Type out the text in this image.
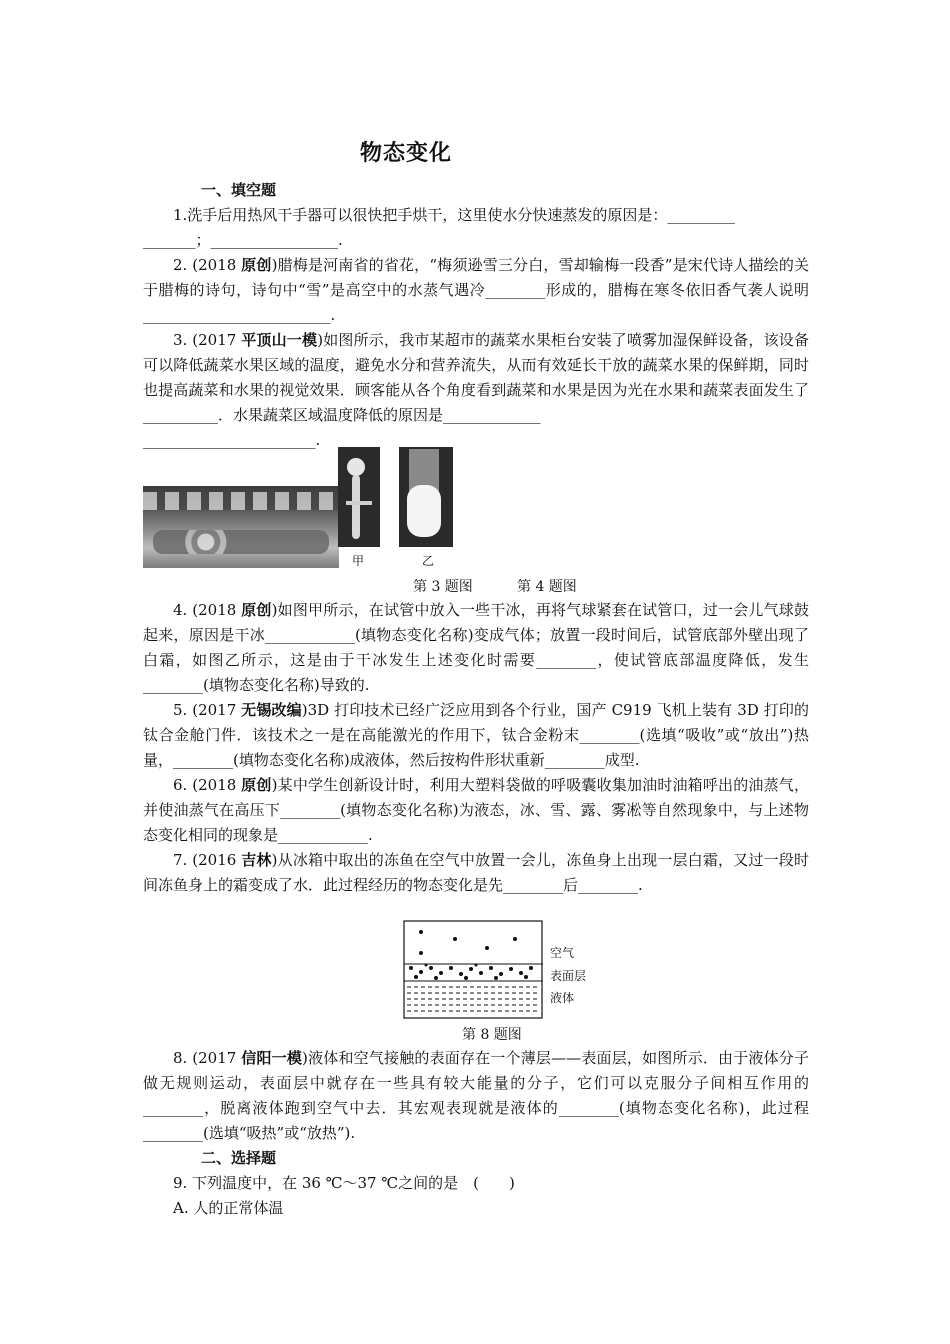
物态变化

一、填空题

1.洗手后用热风干手器可以很快把手烘干，这里使水分快速蒸发的原因是：_________

_______；_________________.

2. (2018 原创)腊梅是河南省的省花，“梅须逊雪三分白，雪却输梅一段香”是宋代诗人描绘的关于腊梅的诗句，诗句中“雪”是高空中的水蒸气遇冷________形成的，腊梅在寒冬依旧香气袭人说明_________________________.

3. (2017 平顶山一模)如图所示，我市某超市的蔬菜水果柜台安装了喷雾加湿保鲜设备，该设备可以降低蔬菜水果区域的温度，避免水分和营养流失，从而有效延长干放的蔬菜水果的保鲜期，同时也提高蔬菜和水果的视觉效果．顾客能从各个角度看到蔬菜和水果是因为光在水果和蔬菜表面发生了__________．水果蔬菜区域温度降低的原因是_____________

_______________________.

甲	乙
第 3 题图	第 4 题图

4. (2018 原创)如图甲所示，在试管中放入一些干冰，再将气球紧套在试管口，过一会儿气球鼓起来，原因是干冰____________(填物态变化名称)变成气体；放置一段时间后，试管底部外壁出现了白霜，如图乙所示，这是由于干冰发生上述变化时需要________，使试管底部温度降低，发生________(填物态变化名称)导致的.

5. (2017 无锡改编)3D 打印技术已经广泛应用到各个行业，国产 C919 飞机上装有 3D 打印的钛合金舱门件．该技术之一是在高能激光的作用下，钛合金粉末________(选填“吸收”或“放出”)热量，________(填物态变化名称)成液体，然后按构件形状重新________成型.

6. (2018 原创)某中学生创新设计时，利用大塑料袋做的呼吸囊收集加油时油箱呼出的油蒸气，并使油蒸气在高压下________(填物态变化名称)为液态，冰、雪、露、雾凇等自然现象中，与上述物态变化相同的现象是____________.

7. (2016 吉林)从冰箱中取出的冻鱼在空气中放置一会儿，冻鱼身上出现一层白霜，又过一段时间冻鱼身上的霜变成了水．此过程经历的物态变化是先________后________.

空气
表面层
液体
第 8 题图

8. (2017 信阳一模)液体和空气接触的表面存在一个薄层——表面层，如图所示．由于液体分子做无规则运动，表面层中就存在一些具有较大能量的分子，它们可以克服分子间相互作用的________，脱离液体跑到空气中去．其宏观表现就是液体的________(填物态变化名称)，此过程________(选填“吸热”或“放热”).

二、选择题

9. 下列温度中，在 36 ℃～37 ℃之间的是　(　　)

A. 人的正常体温
